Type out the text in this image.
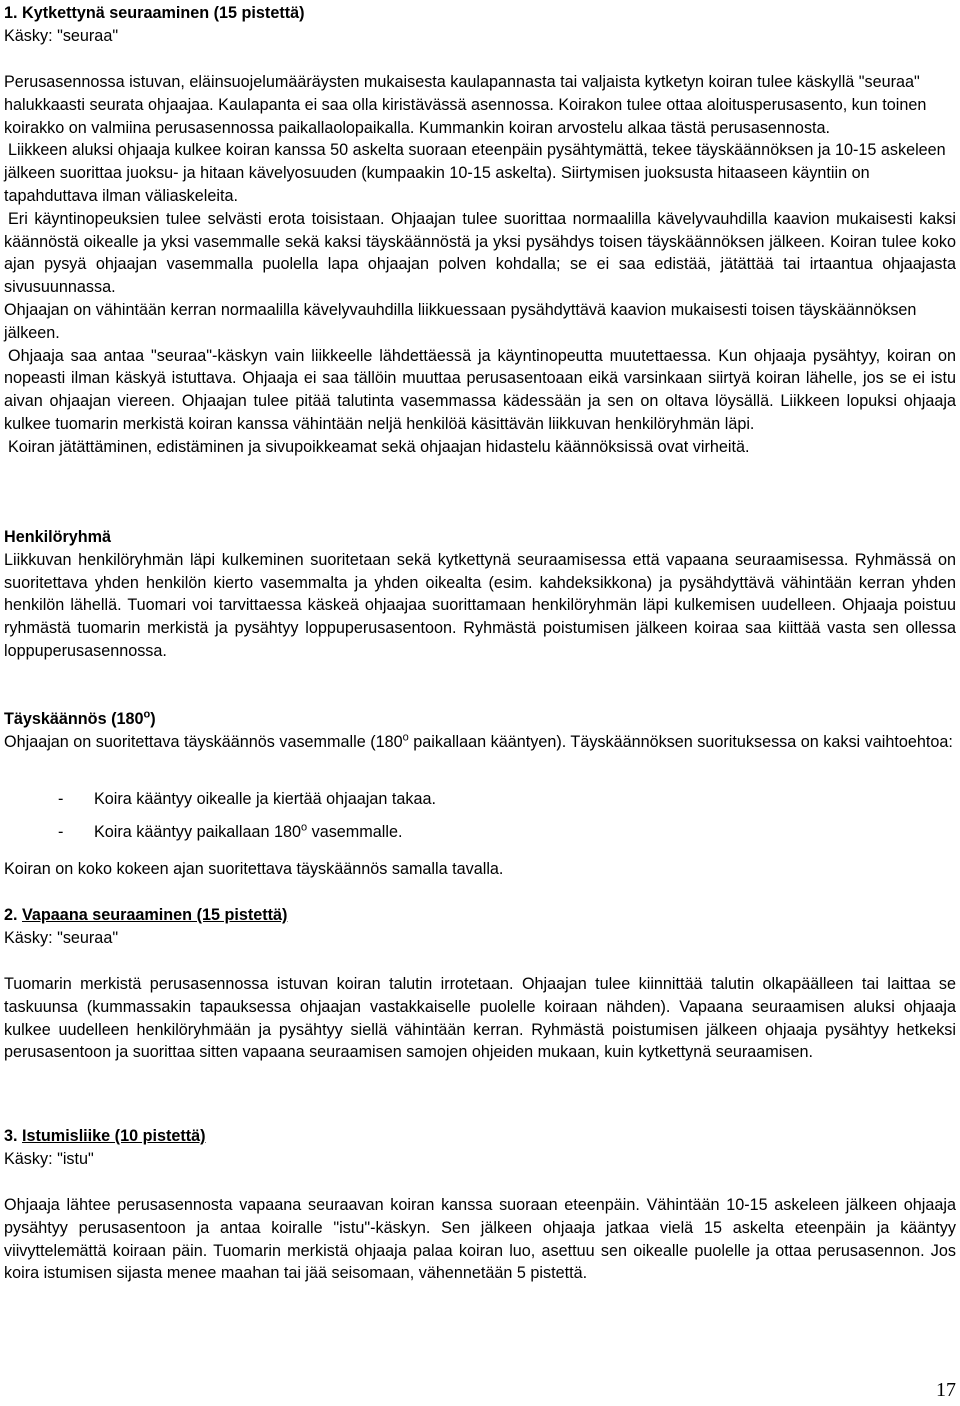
1. Kytkettynä seuraaminen (15 pistettä)

Käsky: "seuraa"

Perusasennossa istuvan, eläinsuojelumääräysten mukaisesta kaulapannasta tai valjaista kytketyn koiran tulee käskyllä "seuraa" halukkaasti seurata ohjaajaa. Kaulapanta ei saa olla kiristävässä asennossa. Koirakon tulee ottaa aloitusperusasento, kun toinen koirakko on valmiina perusasennossa paikallaolopaikalla. Kummankin koiran arvostelu alkaa tästä perusasennosta.

Liikkeen aluksi ohjaaja kulkee koiran kanssa 50 askelta suoraan eteenpäin pysähtymättä, tekee täyskäännöksen ja 10-15 askeleen jälkeen suorittaa juoksu- ja hitaan kävelyosuuden (kumpaakin 10-15 askelta). Siirtymisen juoksusta hitaaseen käyntiin on tapahduttava ilman väliaskeleita.

Eri käyntinopeuksien tulee selvästi erota toisistaan. Ohjaajan tulee suorittaa normaalilla kävelyvauhdilla kaavion mukaisesti kaksi käännöstä oikealle ja yksi vasemmalle sekä kaksi täyskäännöstä ja yksi pysähdys toisen täyskäännöksen jälkeen. Koiran tulee koko ajan pysyä ohjaajan vasemmalla puolella lapa ohjaajan polven kohdalla; se ei saa edistää, jätättää tai irtaantua ohjaajasta sivusuunnassa.

Ohjaajan on vähintään kerran normaalilla kävelyvauhdilla liikkuessaan pysähdyttävä kaavion mukaisesti toisen täyskäännöksen jälkeen.

Ohjaaja saa antaa "seuraa"-käskyn vain liikkeelle lähdettäessä ja käyntinopeutta muutettaessa. Kun ohjaaja pysähtyy, koiran on nopeasti ilman käskyä istuttava. Ohjaaja ei saa tällöin muuttaa perusasentoaan eikä varsinkaan siirtyä koiran lähelle, jos se ei istu aivan ohjaajan viereen. Ohjaajan tulee pitää talutinta vasemmassa kädessään ja sen on oltava löysällä. Liikkeen lopuksi ohjaaja kulkee tuomarin merkistä koiran kanssa vähintään neljä henkilöä käsittävän liikkuvan henkilöryhmän läpi.

Koiran jätättäminen, edistäminen ja sivupoikkeamat sekä ohjaajan hidastelu käännöksissä ovat virheitä.

Henkilöryhmä

Liikkuvan henkilöryhmän läpi kulkeminen suoritetaan sekä kytkettynä seuraamisessa että vapaana seuraamisessa. Ryhmässä on suoritettava yhden henkilön kierto vasemmalta ja yhden oikealta (esim. kahdeksikkona) ja pysähdyttävä vähintään kerran yhden henkilön lähellä. Tuomari voi tarvittaessa käskeä ohjaajaa suorittamaan henkilöryhmän läpi kulkemisen uudelleen. Ohjaaja poistuu ryhmästä tuomarin merkistä ja pysähtyy loppuperusasentoon. Ryhmästä poistumisen jälkeen koiraa saa kiittää vasta sen ollessa loppuperusasennossa.

Täyskäännös (180$^o$)

Ohjaajan on suoritettava täyskäännös vasemmalle (180$^o$ paikallaan kääntyen). Täyskäännöksen suorituksessa on kaksi vaihtoehtoa:

- Koira kääntyy oikealle ja kiertää ohjaajan takaa.
- Koira kääntyy paikallaan 180$^o$ vasemmalle.

Koiran on koko kokeen ajan suoritettava täyskäännös samalla tavalla.

2. Vapaana seuraaminen (15 pistettä)

Käsky: "seuraa"

Tuomarin merkistä perusasennossa istuvan koiran talutin irrotetaan. Ohjaajan tulee kiinnittää talutin olkapäälleen tai laittaa se taskuunsa (kummassakin tapauksessa ohjaajan vastakkaiselle puolelle koiraan nähden). Vapaana seuraamisen aluksi ohjaaja kulkee uudelleen henkilöryhmään ja pysähtyy siellä vähintään kerran. Ryhmästä poistumisen jälkeen ohjaaja pysähtyy hetkeksi perusasentoon ja suorittaa sitten vapaana seuraamisen samojen ohjeiden mukaan, kuin kytkettynä seuraamisen.

3. Istumisliike (10 pistettä)

Käsky: "istu"

Ohjaaja lähtee perusasennosta vapaana seuraavan koiran kanssa suoraan eteenpäin. Vähintään 10-15 askeleen jälkeen ohjaaja pysähtyy perusasentoon ja antaa koiralle "istu"-käskyn. Sen jälkeen ohjaaja jatkaa vielä 15 askelta eteenpäin ja kääntyy viivyttelemättä koiraan päin. Tuomarin merkistä ohjaaja palaa koiran luo, asettuu sen oikealle puolelle ja ottaa perusasennon. Jos koira istumisen sijasta menee maahan tai jää seisomaan, vähennetään 5 pistettä.

17
